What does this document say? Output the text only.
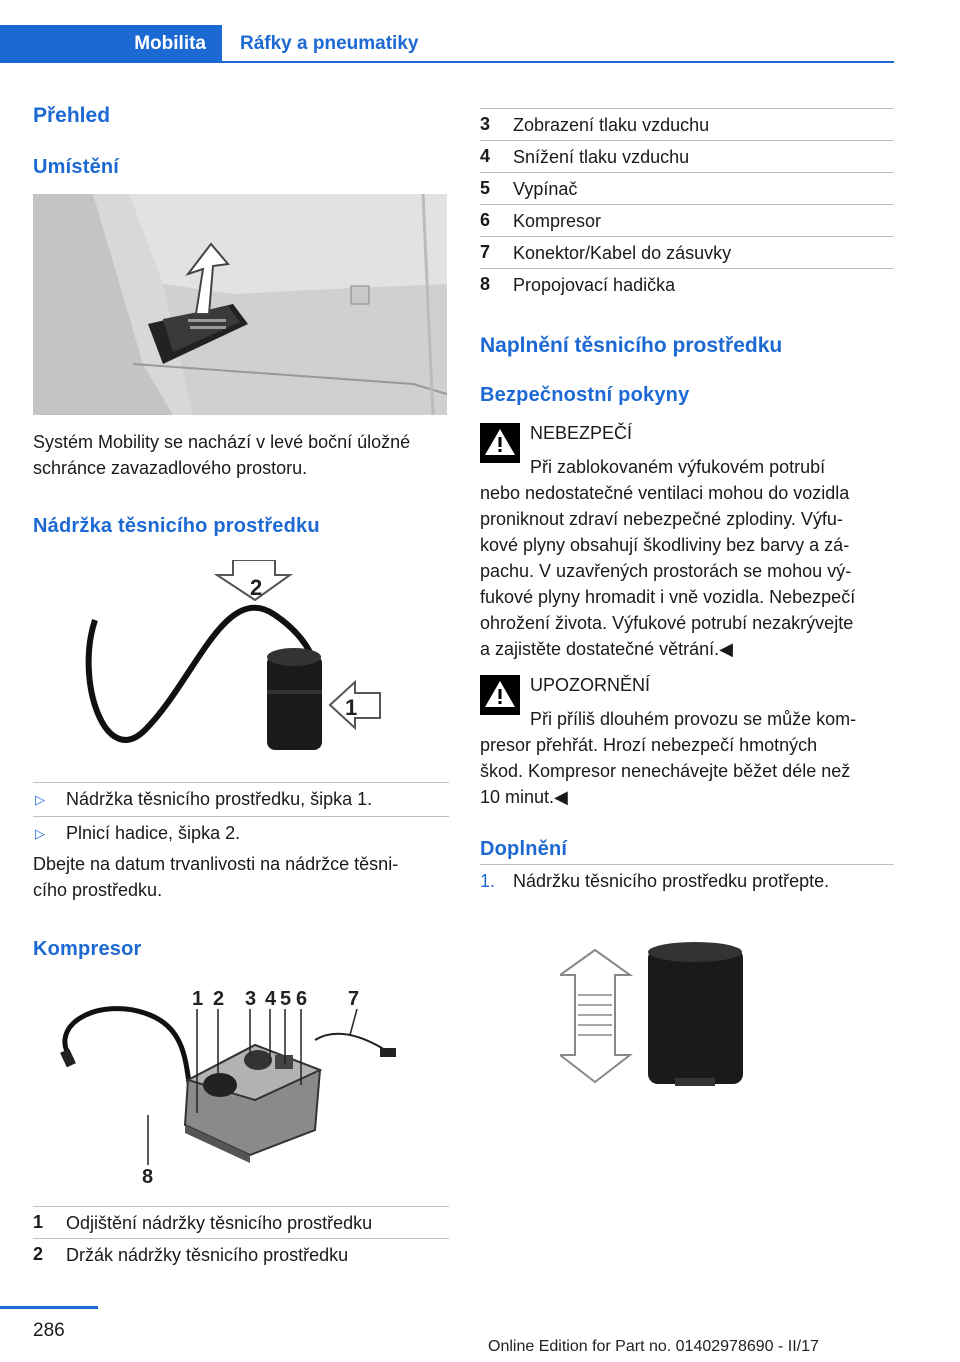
Mobilita Ráfky a pneumatiky
Přehled
Umístění
Systém Mobility se nachází v levé boční úložné
schránce zavazadlového prostoru.
Nádržka těsnicího prostředku
2
1
▷ Nádržka těsnicího prostředku, šipka 1.
▷ Plnicí hadice, šipka 2.
Dbejte na datum trvanlivosti na nádržce těsni‐
cího prostředku.
Kompresor
1 2 3 4 5 6 7
8
1 Odjištění nádržky těsnicího prostředku
2 Držák nádržky těsnicího prostředku
3 Zobrazení tlaku vzduchu
4 Snížení tlaku vzduchu
5 Vypínač
6 Kompresor
7 Konektor/Kabel do zásuvky
8 Propojovací hadička
Naplnění těsnicího prostředku
Bezpečnostní pokyny
NEBEZPEČÍ
Při zablokovaném výfukovém potrubí
nebo nedostatečné ventilaci mohou do vozidla
proniknout zdraví nebezpečné zplodiny. Výfu‐
kové plyny obsahují škodliviny bez barvy a zá‐
pachu. V uzavřených prostorách se mohou vý‐
fukové plyny hromadit i vně vozidla. Nebezpečí
ohrožení života. Výfukové potrubí nezakrývejte
a zajistěte dostatečné větrání.◀
UPOZORNĚNÍ
Při příliš dlouhém provozu se může kom‐
presor přehřát. Hrozí nebezpečí hmotných
škod. Kompresor nenechávejte běžet déle než
10 minut.◀
Doplnění
1. Nádržku těsnicího prostředku protřepte.
286
Online Edition for Part no. 01402978690 - II/17
